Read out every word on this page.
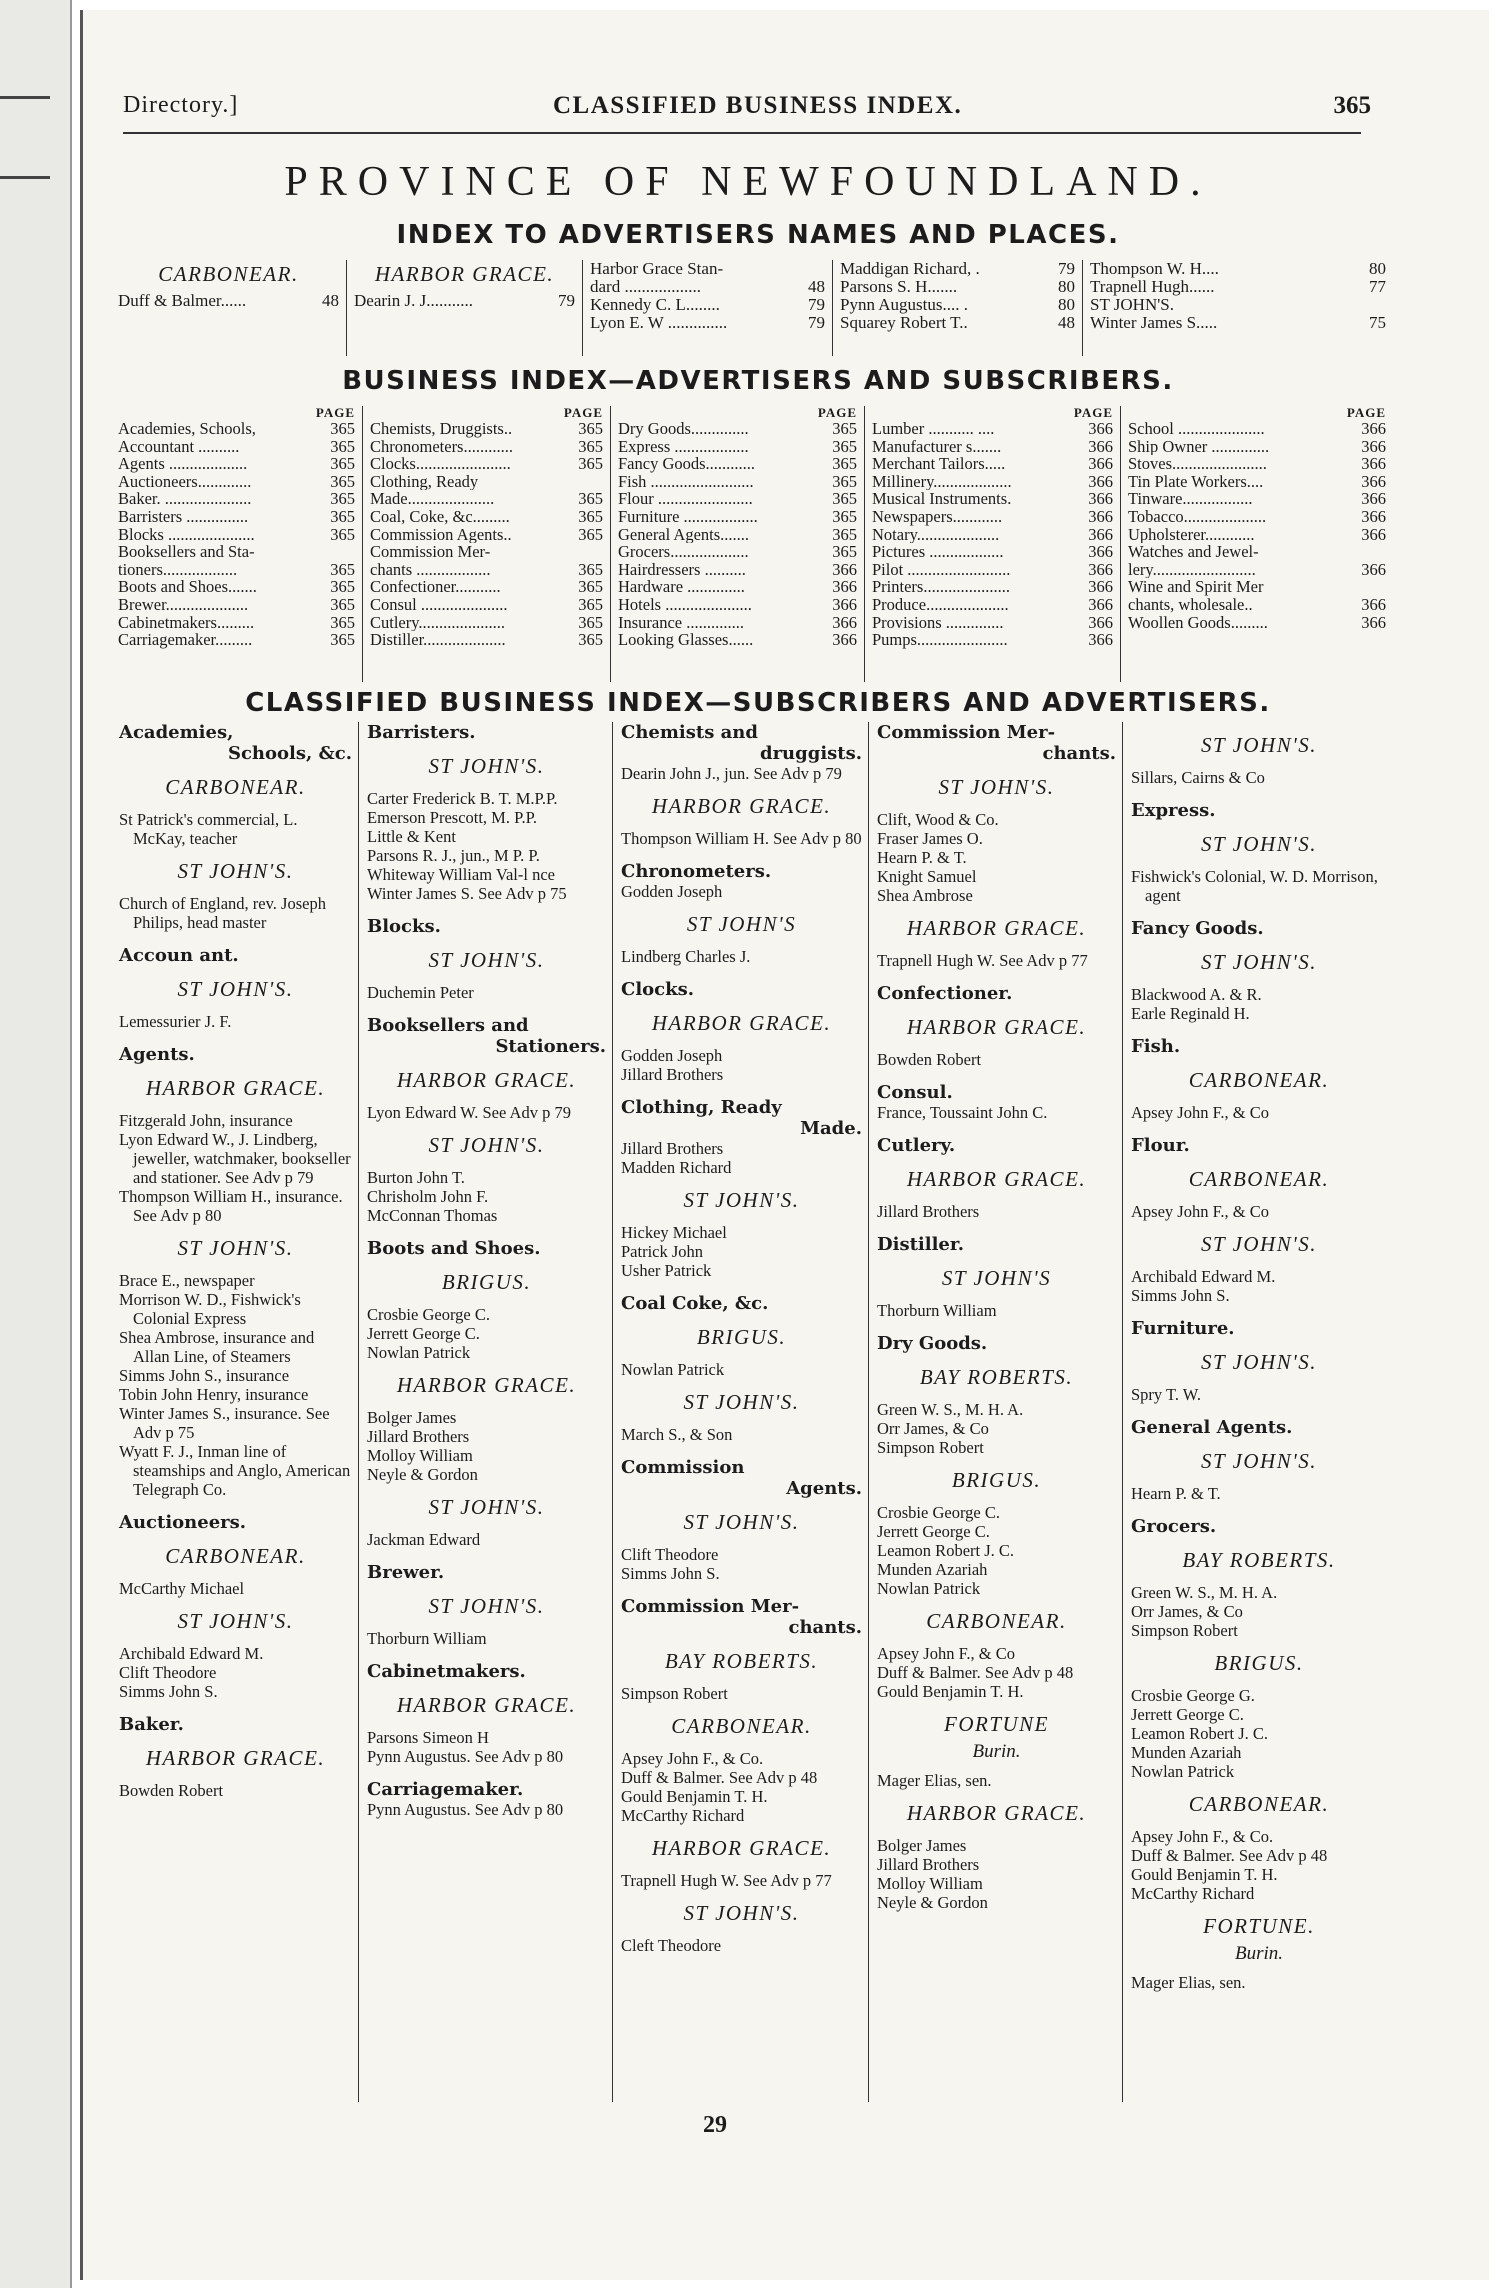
Directory.]	CLASSIFIED BUSINESS INDEX.	365
PROVINCE OF NEWFOUNDLAND.
INDEX TO ADVERTISERS NAMES AND PLACES.
CARBONEAR.
Duff & Balmer......	48
HARBOR GRACE.
Dearin J. J...........	79
Harbor Grace Stan-
dard ..................	48
Kennedy C. L........	79
Lyon E. W ..............	79
Maddigan Richard, .	79
Parsons S. H.......	80
Pynn Augustus.... .	80
Squarey Robert T..	48
Thompson W. H....	80
Trapnell Hugh......	77
ST JOHN'S.
Winter James S.....	75
BUSINESS INDEX—ADVERTISERS AND SUBSCRIBERS.
PAGE
Academies, Schools,	365
Accountant ..........	365
Agents ...................	365
Auctioneers.............	365
Baker. .....................	365
Barristers ...............	365
Blocks .....................	365
Booksellers and Sta-
tioners..................	365
Boots and Shoes.......	365
Brewer....................	365
Cabinetmakers.........	365
Carriagemaker.........	365
PAGE
Chemists, Druggists..	365
Chronometers............	365
Clocks.......................	365
Clothing, Ready
Made.....................	365
Coal, Coke, &c.........	365
Commission Agents..	365
Commission Mer-
chants ..................	365
Confectioner...........	365
Consul .....................	365
Cutlery.....................	365
Distiller....................	365
PAGE
Dry Goods..............	365
Express ..................	365
Fancy Goods............	365
Fish .........................	365
Flour .......................	365
Furniture ..................	365
General Agents.......	365
Grocers...................	365
Hairdressers ..........	366
Hardware ..............	366
Hotels .....................	366
Insurance ..............	366
Looking Glasses......	366
PAGE
Lumber ........... ....	366
Manufacturer s.......	366
Merchant Tailors.....	366
Millinery...................	366
Musical Instruments.	366
Newspapers............	366
Notary....................	366
Pictures ..................	366
Pilot .........................	366
Printers.....................	366
Produce....................	366
Provisions ..............	366
Pumps......................	366
PAGE
School .....................	366
Ship Owner ..............	366
Stoves.......................	366
Tin Plate Workers....	366
Tinware.................	366
Tobacco....................	366
Upholsterer............	366
Watches and Jewel-
lery.........................	366
Wine and Spirit Mer
chants, wholesale..	366
Woollen Goods.........	366
CLASSIFIED BUSINESS INDEX—SUBSCRIBERS AND ADVERTISERS.
Academies,
Schools, &c.
CARBONEAR.
St Patrick's commercial, L. McKay, teacher
ST JOHN'S.
Church of England, rev. Joseph Philips, head master
Accoun ant.
ST JOHN'S.
Lemessurier J. F.
Agents.
HARBOR GRACE.
Fitzgerald John, insurance
Lyon Edward W., J. Lindberg, jeweller, watchmaker, bookseller and stationer. See Adv p 79
Thompson William H., insurance. See Adv p 80
ST JOHN'S.
Brace E., newspaper
Morrison W. D., Fishwick's Colonial Express
Shea Ambrose, insurance and Allan Line, of Steamers
Simms John S., insurance
Tobin John Henry, insurance
Winter James S., insurance. See Adv p 75
Wyatt F. J., Inman line of steamships and Anglo, American Telegraph Co.
Auctioneers.
CARBONEAR.
McCarthy Michael
ST JOHN'S.
Archibald Edward M.
Clift Theodore
Simms John S.
Baker.
HARBOR GRACE.
Bowden Robert
Barristers.
ST JOHN'S.
Carter Frederick B. T. M.P.P.
Emerson Prescott, M. P.P.
Little & Kent
Parsons R. J., jun., M P. P.
Whiteway William Val-l nce
Winter James S. See Adv p 75
Blocks.
ST JOHN'S.
Duchemin Peter
Booksellers and
Stationers.
HARBOR GRACE.
Lyon Edward W. See Adv p 79
ST JOHN'S.
Burton John T.
Chrisholm John F.
McConnan Thomas
Boots and Shoes.
BRIGUS.
Crosbie George C.
Jerrett George C.
Nowlan Patrick
HARBOR GRACE.
Bolger James
Jillard Brothers
Molloy William
Neyle & Gordon
ST JOHN'S.
Jackman Edward
Brewer.
ST JOHN'S.
Thorburn William
Cabinetmakers.
HARBOR GRACE.
Parsons Simeon H
Pynn Augustus. See Adv p 80
Carriagemaker.
Pynn Augustus. See Adv p 80
Chemists and
druggists.
Dearin John J., jun. See Adv p 79
HARBOR GRACE.
Thompson William H. See Adv p 80
Chronometers.
Godden Joseph
ST JOHN'S
Lindberg Charles J.
Clocks.
HARBOR GRACE.
Godden Joseph
Jillard Brothers
Clothing, Ready
Made.
Jillard Brothers
Madden Richard
ST JOHN'S.
Hickey Michael
Patrick John
Usher Patrick
Coal Coke, &c.
BRIGUS.
Nowlan Patrick
ST JOHN'S.
March S., & Son
Commission
Agents.
ST JOHN'S.
Clift Theodore
Simms John S.
Commission Mer-
chants.
BAY ROBERTS.
Simpson Robert
CARBONEAR.
Apsey John F., & Co.
Duff & Balmer. See Adv p 48
Gould Benjamin T. H.
McCarthy Richard
HARBOR GRACE.
Trapnell Hugh W. See Adv p 77
ST JOHN'S.
Cleft Theodore
Commission Mer-
chants.
ST JOHN'S.
Clift, Wood & Co.
Fraser James O.
Hearn P. & T.
Knight Samuel
Shea Ambrose
HARBOR GRACE.
Trapnell Hugh W. See Adv p 77
Confectioner.
HARBOR GRACE.
Bowden Robert
Consul.
France, Toussaint John C.
Cutlery.
HARBOR GRACE.
Jillard Brothers
Distiller.
ST JOHN'S
Thorburn William
Dry Goods.
BAY ROBERTS.
Green W. S., M. H. A.
Orr James, & Co
Simpson Robert
BRIGUS.
Crosbie George C.
Jerrett George C.
Leamon Robert J. C.
Munden Azariah
Nowlan Patrick
CARBONEAR.
Apsey John F., & Co
Duff & Balmer. See Adv p 48
Gould Benjamin T. H.
FORTUNE
Burin.
Mager Elias, sen.
HARBOR GRACE.
Bolger James
Jillard Brothers
Molloy William
Neyle & Gordon
ST JOHN'S.
Sillars, Cairns & Co
Express.
ST JOHN'S.
Fishwick's Colonial, W. D. Morrison, agent
Fancy Goods.
ST JOHN'S.
Blackwood A. & R.
Earle Reginald H.
Fish.
CARBONEAR.
Apsey John F., & Co
Flour.
CARBONEAR.
Apsey John F., & Co
ST JOHN'S.
Archibald Edward M.
Simms John S.
Furniture.
ST JOHN'S.
Spry T. W.
General Agents.
ST JOHN'S.
Hearn P. & T.
Grocers.
BAY ROBERTS.
Green W. S., M. H. A.
Orr James, & Co
Simpson Robert
BRIGUS.
Crosbie George G.
Jerrett George C.
Leamon Robert J. C.
Munden Azariah
Nowlan Patrick
CARBONEAR.
Apsey John F., & Co.
Duff & Balmer. See Adv p 48
Gould Benjamin T. H.
McCarthy Richard
FORTUNE.
Burin.
Mager Elias, sen.
29
